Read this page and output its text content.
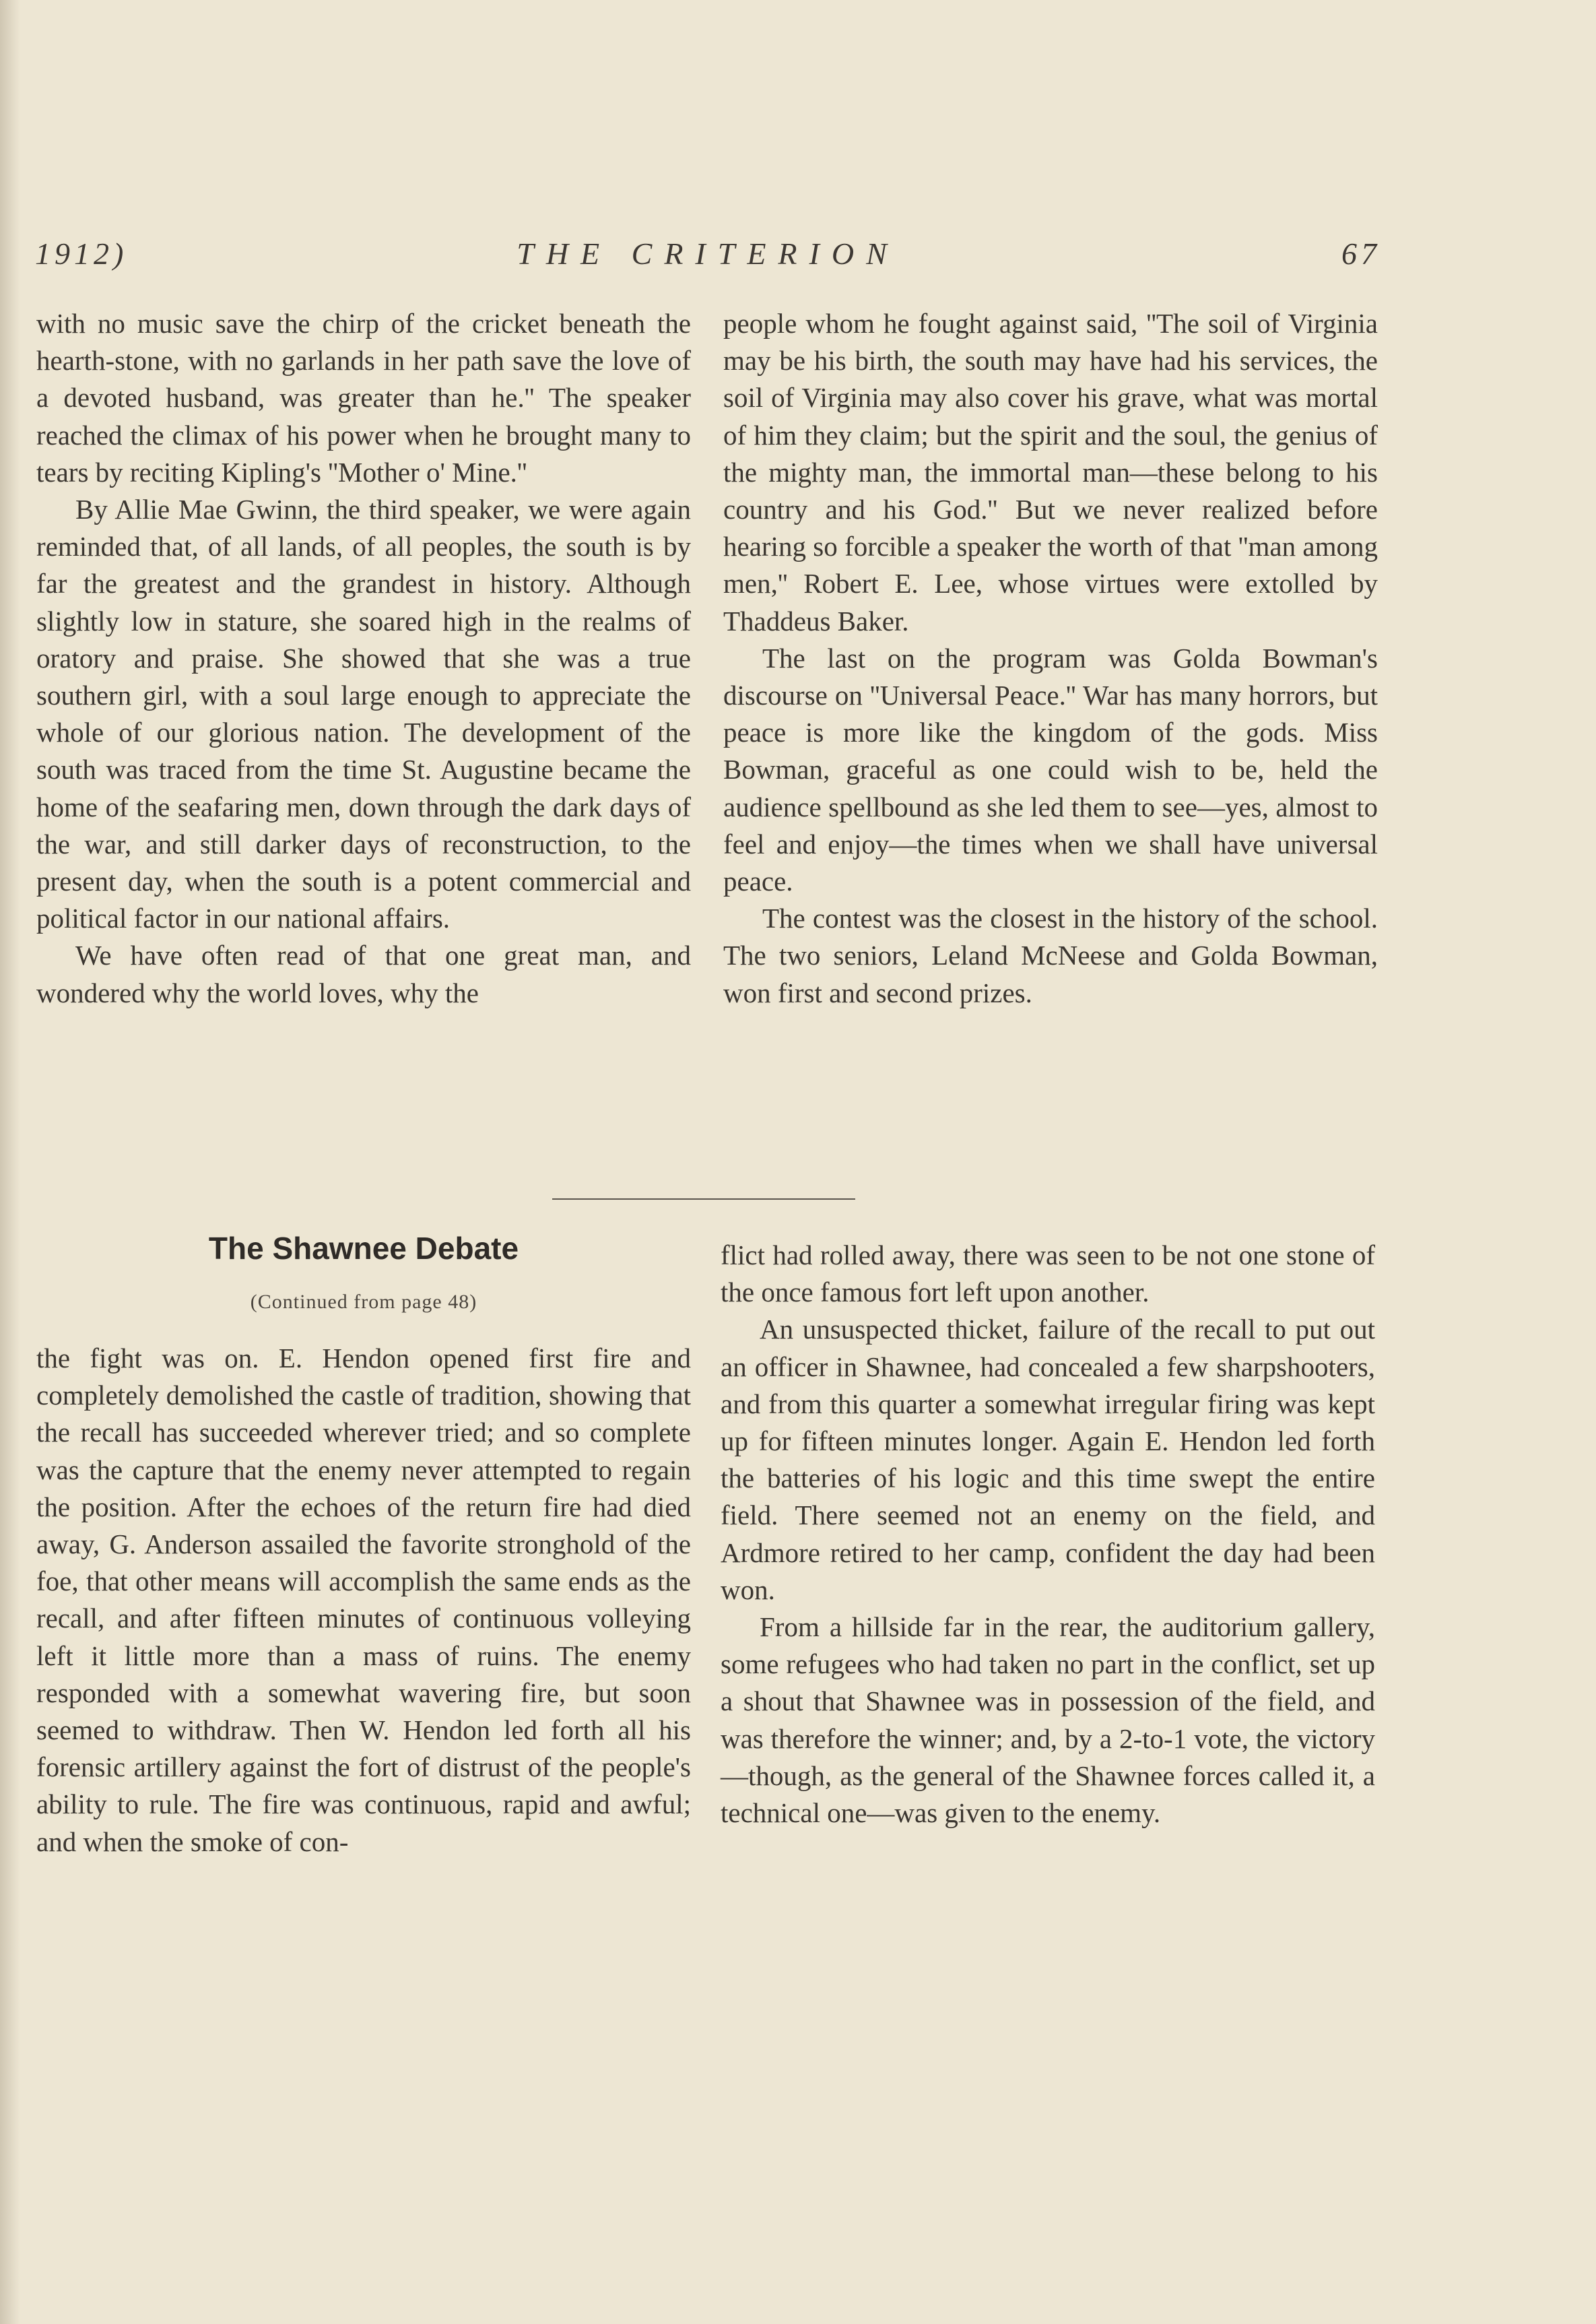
1912)	THE CRITERION	67

with no music save the chirp of the cricket beneath the hearth-stone, with no garlands in her path save the love of a devoted husband, was greater than he.'' The speaker reached the climax of his power when he brought many to tears by reciting Kipling's ''Mother o' Mine.''

By Allie Mae Gwinn, the third speaker, we were again reminded that, of all lands, of all peoples, the south is by far the greatest and the grandest in history. Although slightly low in stature, she soared high in the realms of oratory and praise. She showed that she was a true southern girl, with a soul large enough to appreciate the whole of our glorious nation. The development of the south was traced from the time St. Augustine became the home of the seafaring men, down through the dark days of the war, and still darker days of reconstruction, to the present day, when the south is a potent commercial and political factor in our national affairs.

We have often read of that one great man, and wondered why the world loves, why the

people whom he fought against said, ''The soil of Virginia may be his birth, the south may have had his services, the soil of Virginia may also cover his grave, what was mortal of him they claim; but the spirit and the soul, the genius of the mighty man, the immortal man—these belong to his country and his God.'' But we never realized before hearing so forcible a speaker the worth of that ''man among men,'' Robert E. Lee, whose virtues were extolled by Thaddeus Baker.

The last on the program was Golda Bowman's discourse on ''Universal Peace.'' War has many horrors, but peace is more like the kingdom of the gods. Miss Bowman, graceful as one could wish to be, held the audience spellbound as she led them to see—yes, almost to feel and enjoy—the times when we shall have universal peace.

The contest was the closest in the history of the school. The two seniors, Leland McNeese and Golda Bowman, won first and second prizes.

The Shawnee Debate
(Continued from page 48)

the fight was on. E. Hendon opened first fire and completely demolished the castle of tradition, showing that the recall has succeeded wherever tried; and so complete was the capture that the enemy never attempted to regain the position. After the echoes of the return fire had died away, G. Anderson assailed the favorite stronghold of the foe, that other means will accomplish the same ends as the recall, and after fifteen minutes of continuous volleying left it little more than a mass of ruins. The enemy responded with a somewhat wavering fire, but soon seemed to withdraw. Then W. Hendon led forth all his forensic artillery against the fort of distrust of the people's ability to rule. The fire was continuous, rapid and awful; and when the smoke of con-

flict had rolled away, there was seen to be not one stone of the once famous fort left upon another.

An unsuspected thicket, failure of the recall to put out an officer in Shawnee, had concealed a few sharpshooters, and from this quarter a somewhat irregular firing was kept up for fifteen minutes longer. Again E. Hendon led forth the batteries of his logic and this time swept the entire field. There seemed not an enemy on the field, and Ardmore retired to her camp, confident the day had been won.

From a hillside far in the rear, the auditorium gallery, some refugees who had taken no part in the conflict, set up a shout that Shawnee was in possession of the field, and was therefore the winner; and, by a 2-to-1 vote, the victory—though, as the general of the Shawnee forces called it, a technical one—was given to the enemy.
